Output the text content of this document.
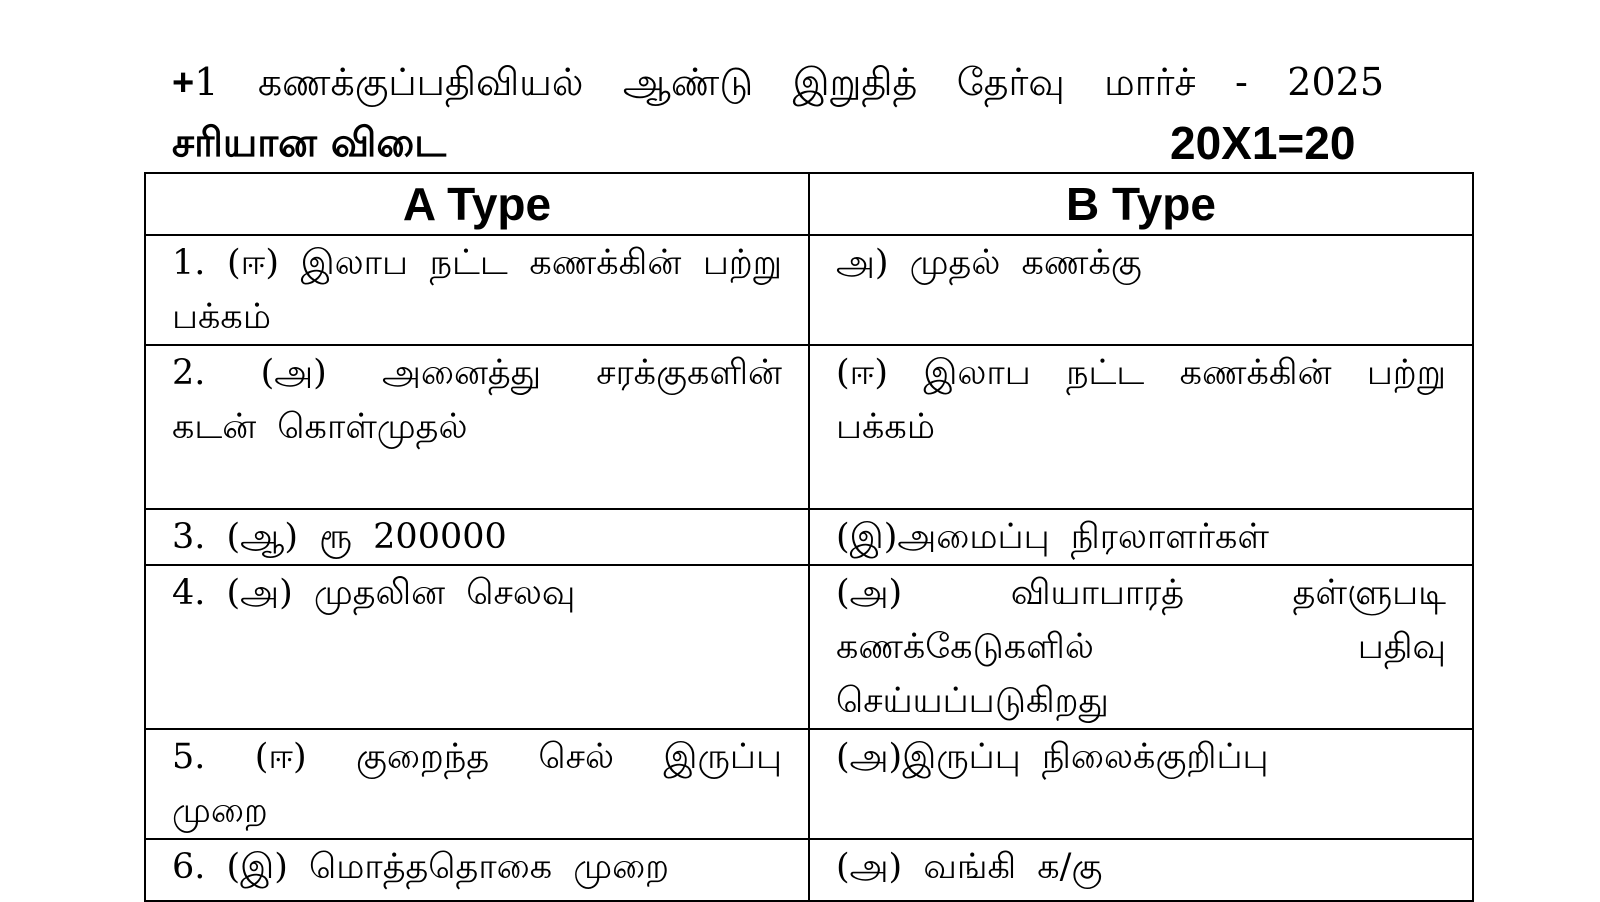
+1 கணக்குப்பதிவியல் ஆண்டு இறுதித் தேர்வு மார்ச் - 2025
சரியான விடை	20X1=20
A Type	B Type
1. (ஈ) இலாப நட்ட கணக்கின் பற்று பக்கம்	அ) முதல் கணக்கு
2. (அ) அனைத்து சரக்குகளின் கடன் கொள்முதல்	(ஈ) இலாப நட்ட கணக்கின் பற்று பக்கம்
3. (ஆ) ரூ 200000	(இ)அமைப்பு நிரலாளர்கள்
4. (அ) முதலின செலவு	(அ) வியாபாரத் தள்ளுபடி கணக்கேடுகளில் பதிவு செய்யப்படுகிறது
5. (ஈ) குறைந்த செல் இருப்பு முறை	(அ)இருப்பு நிலைக்குறிப்பு
6. (இ) மொத்ததொகை முறை	(அ) வங்கி க/கு
